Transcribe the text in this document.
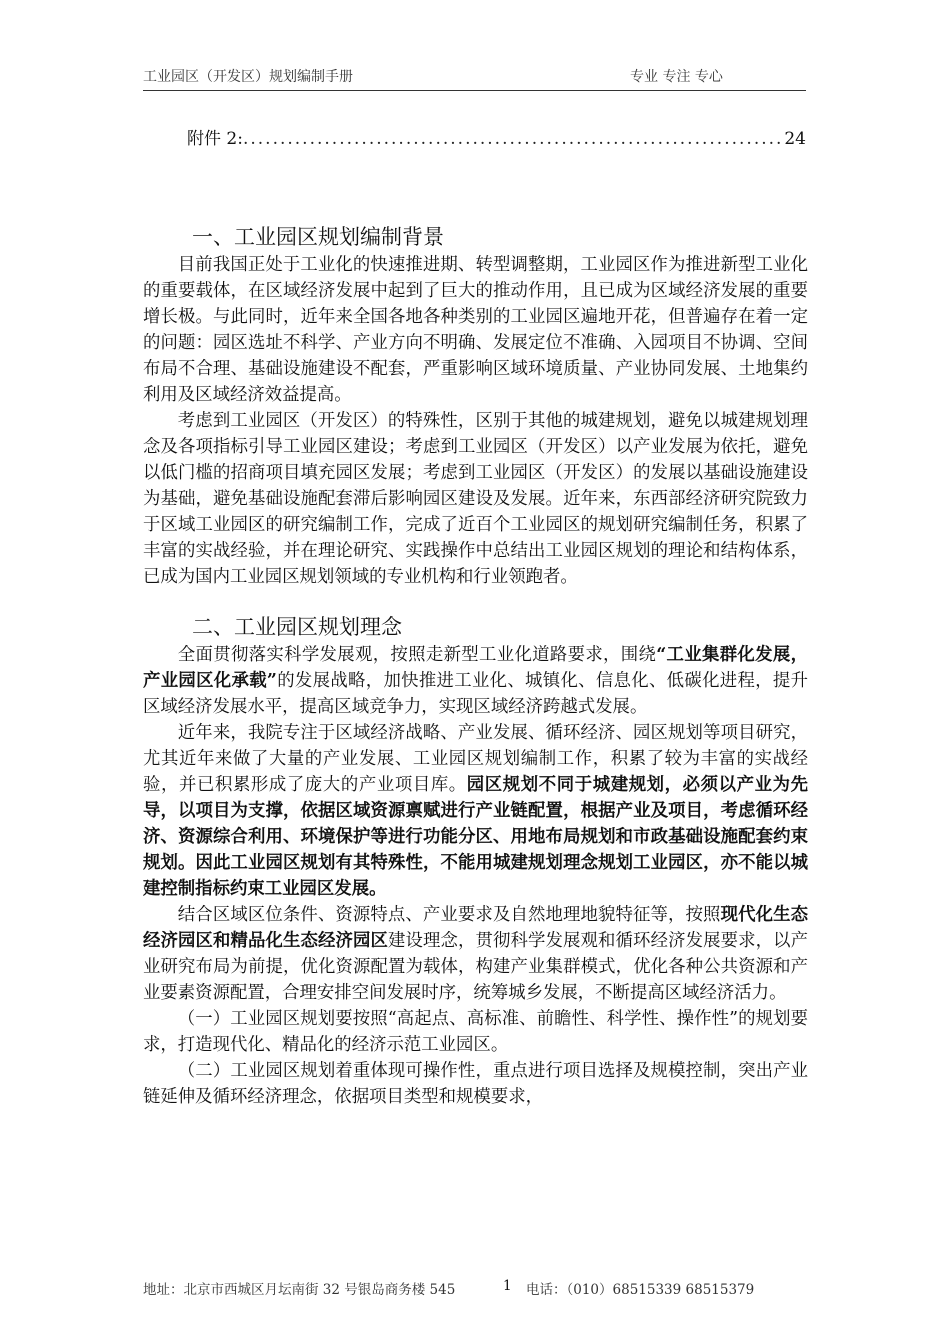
工业园区（开发区）规划编制手册	专业 专注 专心
附件 2:
.....	24
一、工业园区规划编制背景

目前我国正处于工业化的快速推进期、转型调整期，工业园区作为推进新型工业化的重要载体，在区域经济发展中起到了巨大的推动作用，且已成为区域经济发展的重要增长极。与此同时，近年来全国各地各种类别的工业园区遍地开花，但普遍存在着一定的问题：园区选址不科学、产业方向不明确、发展定位不准确、入园项目不协调、空间布局不合理、基础设施建设不配套，严重影响区域环境质量、产业协同发展、土地集约利用及区域经济效益提高。

考虑到工业园区（开发区）的特殊性，区别于其他的城建规划，避免以城建规划理念及各项指标引导工业园区建设；考虑到工业园区（开发区）以产业发展为依托，避免以低门槛的招商项目填充园区发展；考虑到工业园区（开发区）的发展以基础设施建设为基础，避免基础设施配套滞后影响园区建设及发展。近年来，东西部经济研究院致力于区域工业园区的研究编制工作，完成了近百个工业园区的规划研究编制任务，积累了丰富的实战经验，并在理论研究、实践操作中总结出工业园区规划的理论和结构体系，已成为国内工业园区规划领域的专业机构和行业领跑者。

二、工业园区规划理念

全面贯彻落实科学发展观，按照走新型工业化道路要求，围绕“工业集群化发展，产业园区化承载”的发展战略，加快推进工业化、城镇化、信息化、低碳化进程，提升区域经济发展水平，提高区域竞争力，实现区域经济跨越式发展。

近年来，我院专注于区域经济战略、产业发展、循环经济、园区规划等项目研究，尤其近年来做了大量的产业发展、工业园区规划编制工作，积累了较为丰富的实战经验，并已积累形成了庞大的产业项目库。园区规划不同于城建规划，必须以产业为先导，以项目为支撑，依据区域资源禀赋进行产业链配置，根据产业及项目，考虑循环经济、资源综合利用、环境保护等进行功能分区、用地布局规划和市政基础设施配套约束规划。因此工业园区规划有其特殊性，不能用城建规划理念规划工业园区，亦不能以城建控制指标约束工业园区发展。

结合区域区位条件、资源特点、产业要求及自然地理地貌特征等，按照现代化生态经济园区和精品化生态经济园区建设理念，贯彻科学发展观和循环经济发展要求，以产业研究布局为前提，优化资源配置为载体，构建产业集群模式，优化各种公共资源和产业要素资源配置，合理安排空间发展时序，统筹城乡发展，不断提高区域经济活力。

（一）工业园区规划要按照“高起点、高标准、前瞻性、科学性、操作性”的规划要求，打造现代化、精品化的经济示范工业园区。

（二）工业园区规划着重体现可操作性，重点进行项目选择及规模控制，突出产业链延伸及循环经济理念，依据项目类型和规模要求，

地址：北京市西城区月坛南街 32 号银岛商务楼 545	1 电话：（010）68515339 68515379
